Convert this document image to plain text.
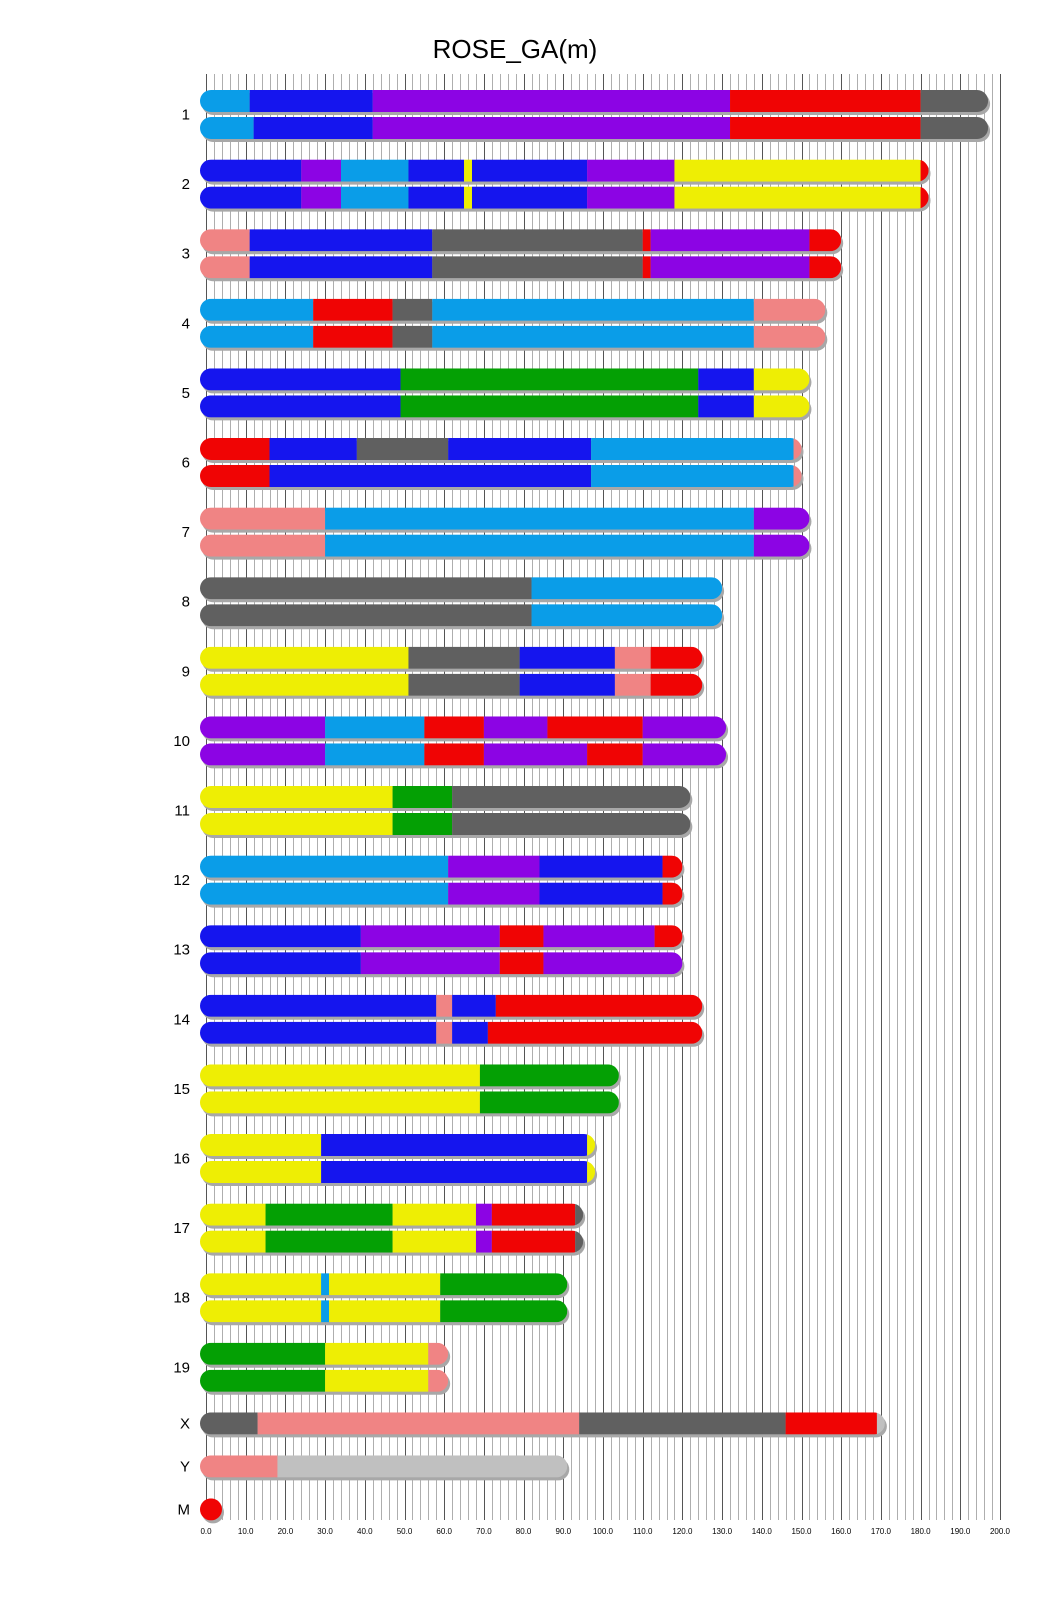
ROSE_GA(m)
1
2
3
4
5
6
7
8
9
10
11
12
13
14
15
16
17
18
19
X
Y
M
0.0	10.0	20.0	30.0	40.0	50.0	60.0	70.0	80.0	90.0	100.0 110.0 120.0 130.0 140.0 150.0 160.0 170.0 180.0 190.0 200.0
